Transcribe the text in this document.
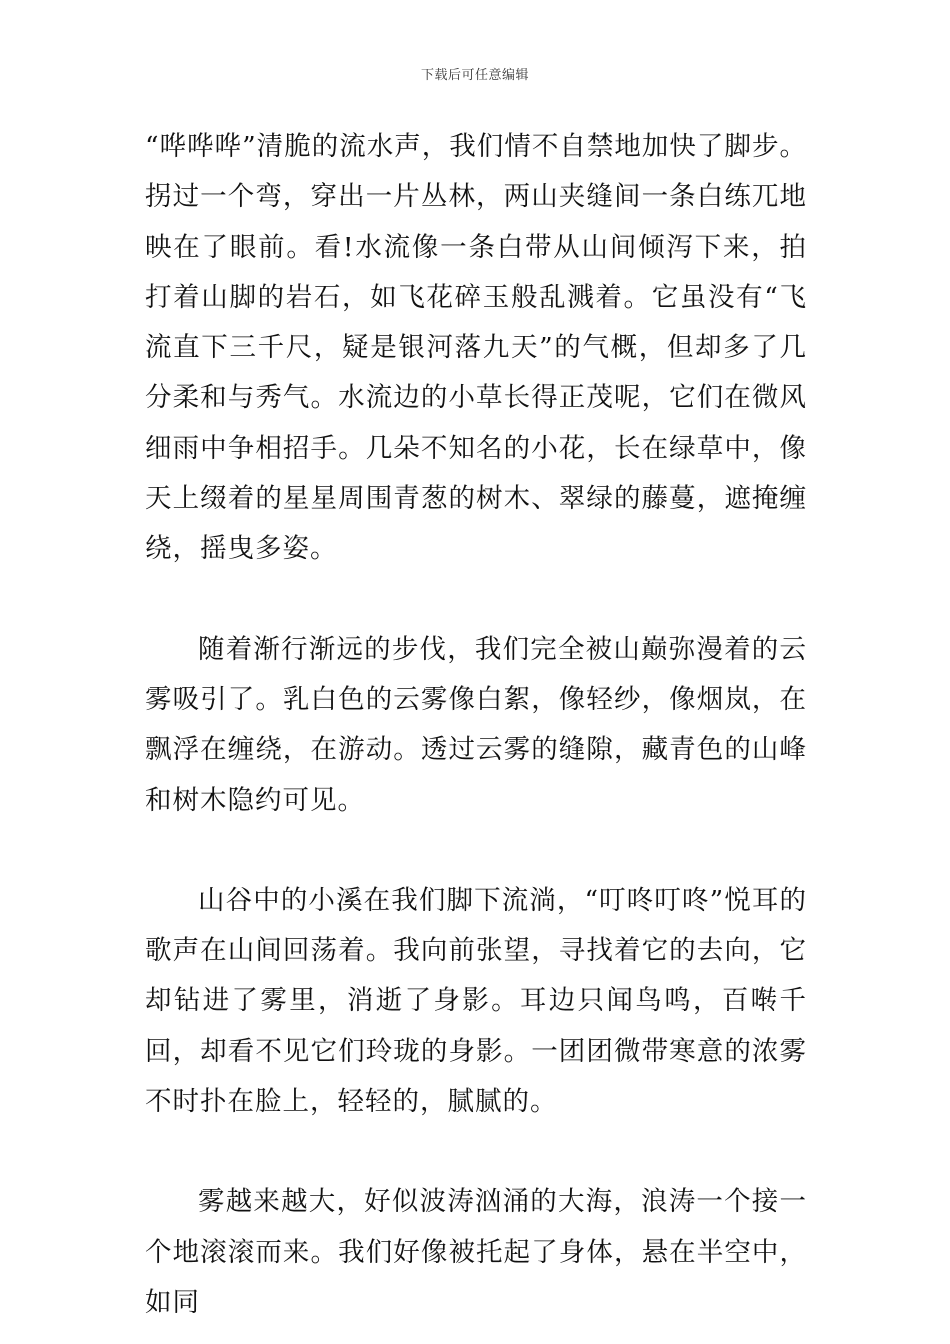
下载后可任意编辑

“哗哗哗”清脆的流水声，我们情不自禁地加快了脚步。拐过一个弯，穿出一片丛林，两山夹缝间一条白练兀地映在了眼前。看!水流像一条白带从山间倾泻下来，拍打着山脚的岩石，如飞花碎玉般乱溅着。它虽没有“飞流直下三千尺，疑是银河落九天”的气概，但却多了几分柔和与秀气。水流边的小草长得正茂呢，它们在微风细雨中争相招手。几朵不知名的小花，长在绿草中，像天上缀着的星星周围青葱的树木、翠绿的藤蔓，遮掩缠绕，摇曳多姿。

随着渐行渐远的步伐，我们完全被山巅弥漫着的云雾吸引了。乳白色的云雾像白絮，像轻纱，像烟岚，在飘浮在缠绕，在游动。透过云雾的缝隙，藏青色的山峰和树木隐约可见。

山谷中的小溪在我们脚下流淌，“叮咚叮咚”悦耳的歌声在山间回荡着。我向前张望，寻找着它的去向，它却钻进了雾里，消逝了身影。耳边只闻鸟鸣，百啭千回，却看不见它们玲珑的身影。一团团微带寒意的浓雾不时扑在脸上，轻轻的，腻腻的。

雾越来越大，好似波涛汹涌的大海，浪涛一个接一个地滚滚而来。我们好像被托起了身体，悬在半空中，如同
